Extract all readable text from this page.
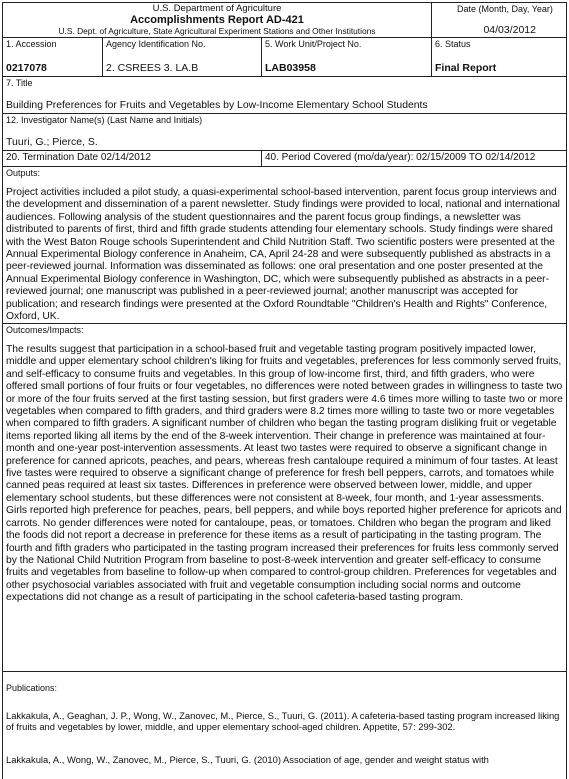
U.S. Department of Agriculture
Accomplishments Report AD-421
U.S. Dept. of Agriculture, State Agricultural Experiment Stations and Other Institutions
Date (Month, Day, Year)
04/03/2012
1. Accession
0217078
Agency Identification No.
2. CSREES 3. LA.B
5. Work Unit/Project No.
LAB03958
6. Status
Final Report
7. Title
Building Preferences for Fruits and Vegetables by Low-Income Elementary School Students
12. Investigator Name(s) (Last Name and Initials)
Tuuri, G.; Pierce, S.
20. Termination Date 02/14/2012	40. Period Covered (mo/da/year): 02/15/2009 TO 02/14/2012
Outputs:
Project activities included a pilot study, a quasi-experimental school-based intervention, parent focus group interviews and the development and dissemination of a parent newsletter. Study findings were provided to local, national and international audiences. Following analysis of the student questionnaires and the parent focus group findings, a newsletter was distributed to parents of first, third and fifth grade students attending four elementary schools. Study findings were shared with the West Baton Rouge schools Superintendent and Child Nutrition Staff. Two scientific posters were presented at the Annual Experimental Biology conference in Anaheim, CA, April 24-28 and were subsequently published as abstracts in a peer-reviewed journal. Information was disseminated as follows: one oral presentation and one poster presented at the Annual Experimental Biology conference in Washington, DC, which were subsequently published as abstracts in a peer-reviewed journal; one manuscript was published in a peer-reviewed journal; another manuscript was accepted for publication; and research findings were presented at the Oxford Roundtable "Children's Health and Rights" Conference, Oxford, UK.
Outcomes/Impacts:
The results suggest that participation in a school-based fruit and vegetable tasting program positively impacted lower, middle and upper elementary school children's liking for fruits and vegetables, preferences for less commonly served fruits, and self-efficacy to consume fruits and vegetables. In this group of low-income first, third, and fifth graders, who were offered small portions of four fruits or four vegetables, no differences were noted between grades in willingness to taste two or more of the four fruits served at the first tasting session, but first graders were 4.6 times more willing to taste two or more vegetables when compared to fifth graders, and third graders were 8.2 times more willing to taste two or more vegetables when compared to fifth graders. A significant number of children who began the tasting program disliking fruit or vegetable items reported liking all items by the end of the 8-week intervention. Their change in preference was maintained at four-month and one-year post-intervention assessments. At least two tastes were required to observe a significant change in preference for canned apricots, peaches, and pears, whereas fresh cantaloupe required a minimum of four tastes. At least five tastes were required to observe a significant change of preference for fresh bell peppers, carrots, and tomatoes while canned peas required at least six tastes. Differences in preference were observed between lower, middle, and upper elementary school students, but these differences were not consistent at 8-week, four month, and 1-year assessments. Girls reported high preference for peaches, pears, bell peppers, and while boys reported higher preference for apricots and carrots. No gender differences were noted for cantaloupe, peas, or tomatoes. Children who began the program and liked the foods did not report a decrease in preference for these items as a result of participating in the tasting program. The fourth and fifth graders who participated in the tasting program increased their preferences for fruits less commonly served by the National Child Nutrition Program from baseline to post-8-week intervention and greater self-efficacy to consume fruits and vegetables from baseline to follow-up when compared to control-group children. Preferences for vegetables and other psychosocial variables associated with fruit and vegetable consumption including social norms and outcome expectations did not change as a result of participating in the school cafeteria-based tasting program.
Publications:
Lakkakula, A., Geaghan, J. P., Wong, W., Zanovec, M., Pierce, S., Tuuri, G. (2011). A cafeteria-based tasting program increased liking of fruits and vegetables by lower, middle, and upper elementary school-aged children. Appetite, 57: 299-302.
Lakkakula, A., Wong, W., Zanovec, M., Pierce, S., Tuuri, G. (2010) Association of age, gender and weight status with
